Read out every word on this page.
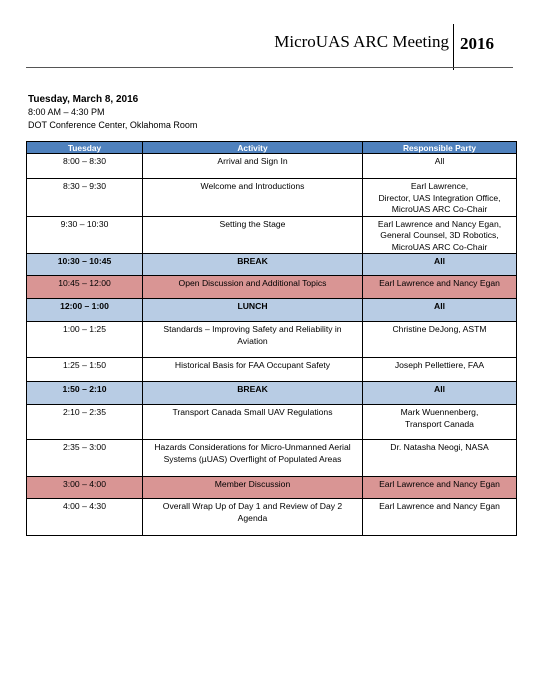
MicroUAS ARC Meeting 2016
Tuesday, March 8, 2016
8:00 AM – 4:30 PM
DOT Conference Center, Oklahoma Room
Tuesday	Activity	Responsible Party
8:00 – 8:30	Arrival and Sign In	All
8:30 – 9:30	Welcome and Introductions	Earl Lawrence,
Director, UAS Integration Office,
MicroUAS ARC Co-Chair
9:30 – 10:30	Setting the Stage	Earl Lawrence and Nancy Egan,
General Counsel, 3D Robotics,
MicroUAS ARC Co-Chair
10:30 – 10:45	BREAK	All
10:45 – 12:00	Open Discussion and Additional Topics	Earl Lawrence and Nancy Egan
12:00 – 1:00	LUNCH	All
1:00 – 1:25	Standards – Improving Safety and Reliability in
Aviation	Christine DeJong, ASTM
1:25 – 1:50	Historical Basis for FAA Occupant Safety	Joseph Pellettiere, FAA
1:50 – 2:10	BREAK	All
2:10 – 2:35	Transport Canada Small UAV Regulations	Mark Wuennenberg,
Transport Canada
2:35 – 3:00	Hazards Considerations for Micro-Unmanned Aerial
Systems (µUAS) Overflight of Populated Areas	Dr. Natasha Neogi, NASA
3:00 – 4:00	Member Discussion	Earl Lawrence and Nancy Egan
4:00 – 4:30	Overall Wrap Up of Day 1 and Review of Day 2
Agenda	Earl Lawrence and Nancy Egan
